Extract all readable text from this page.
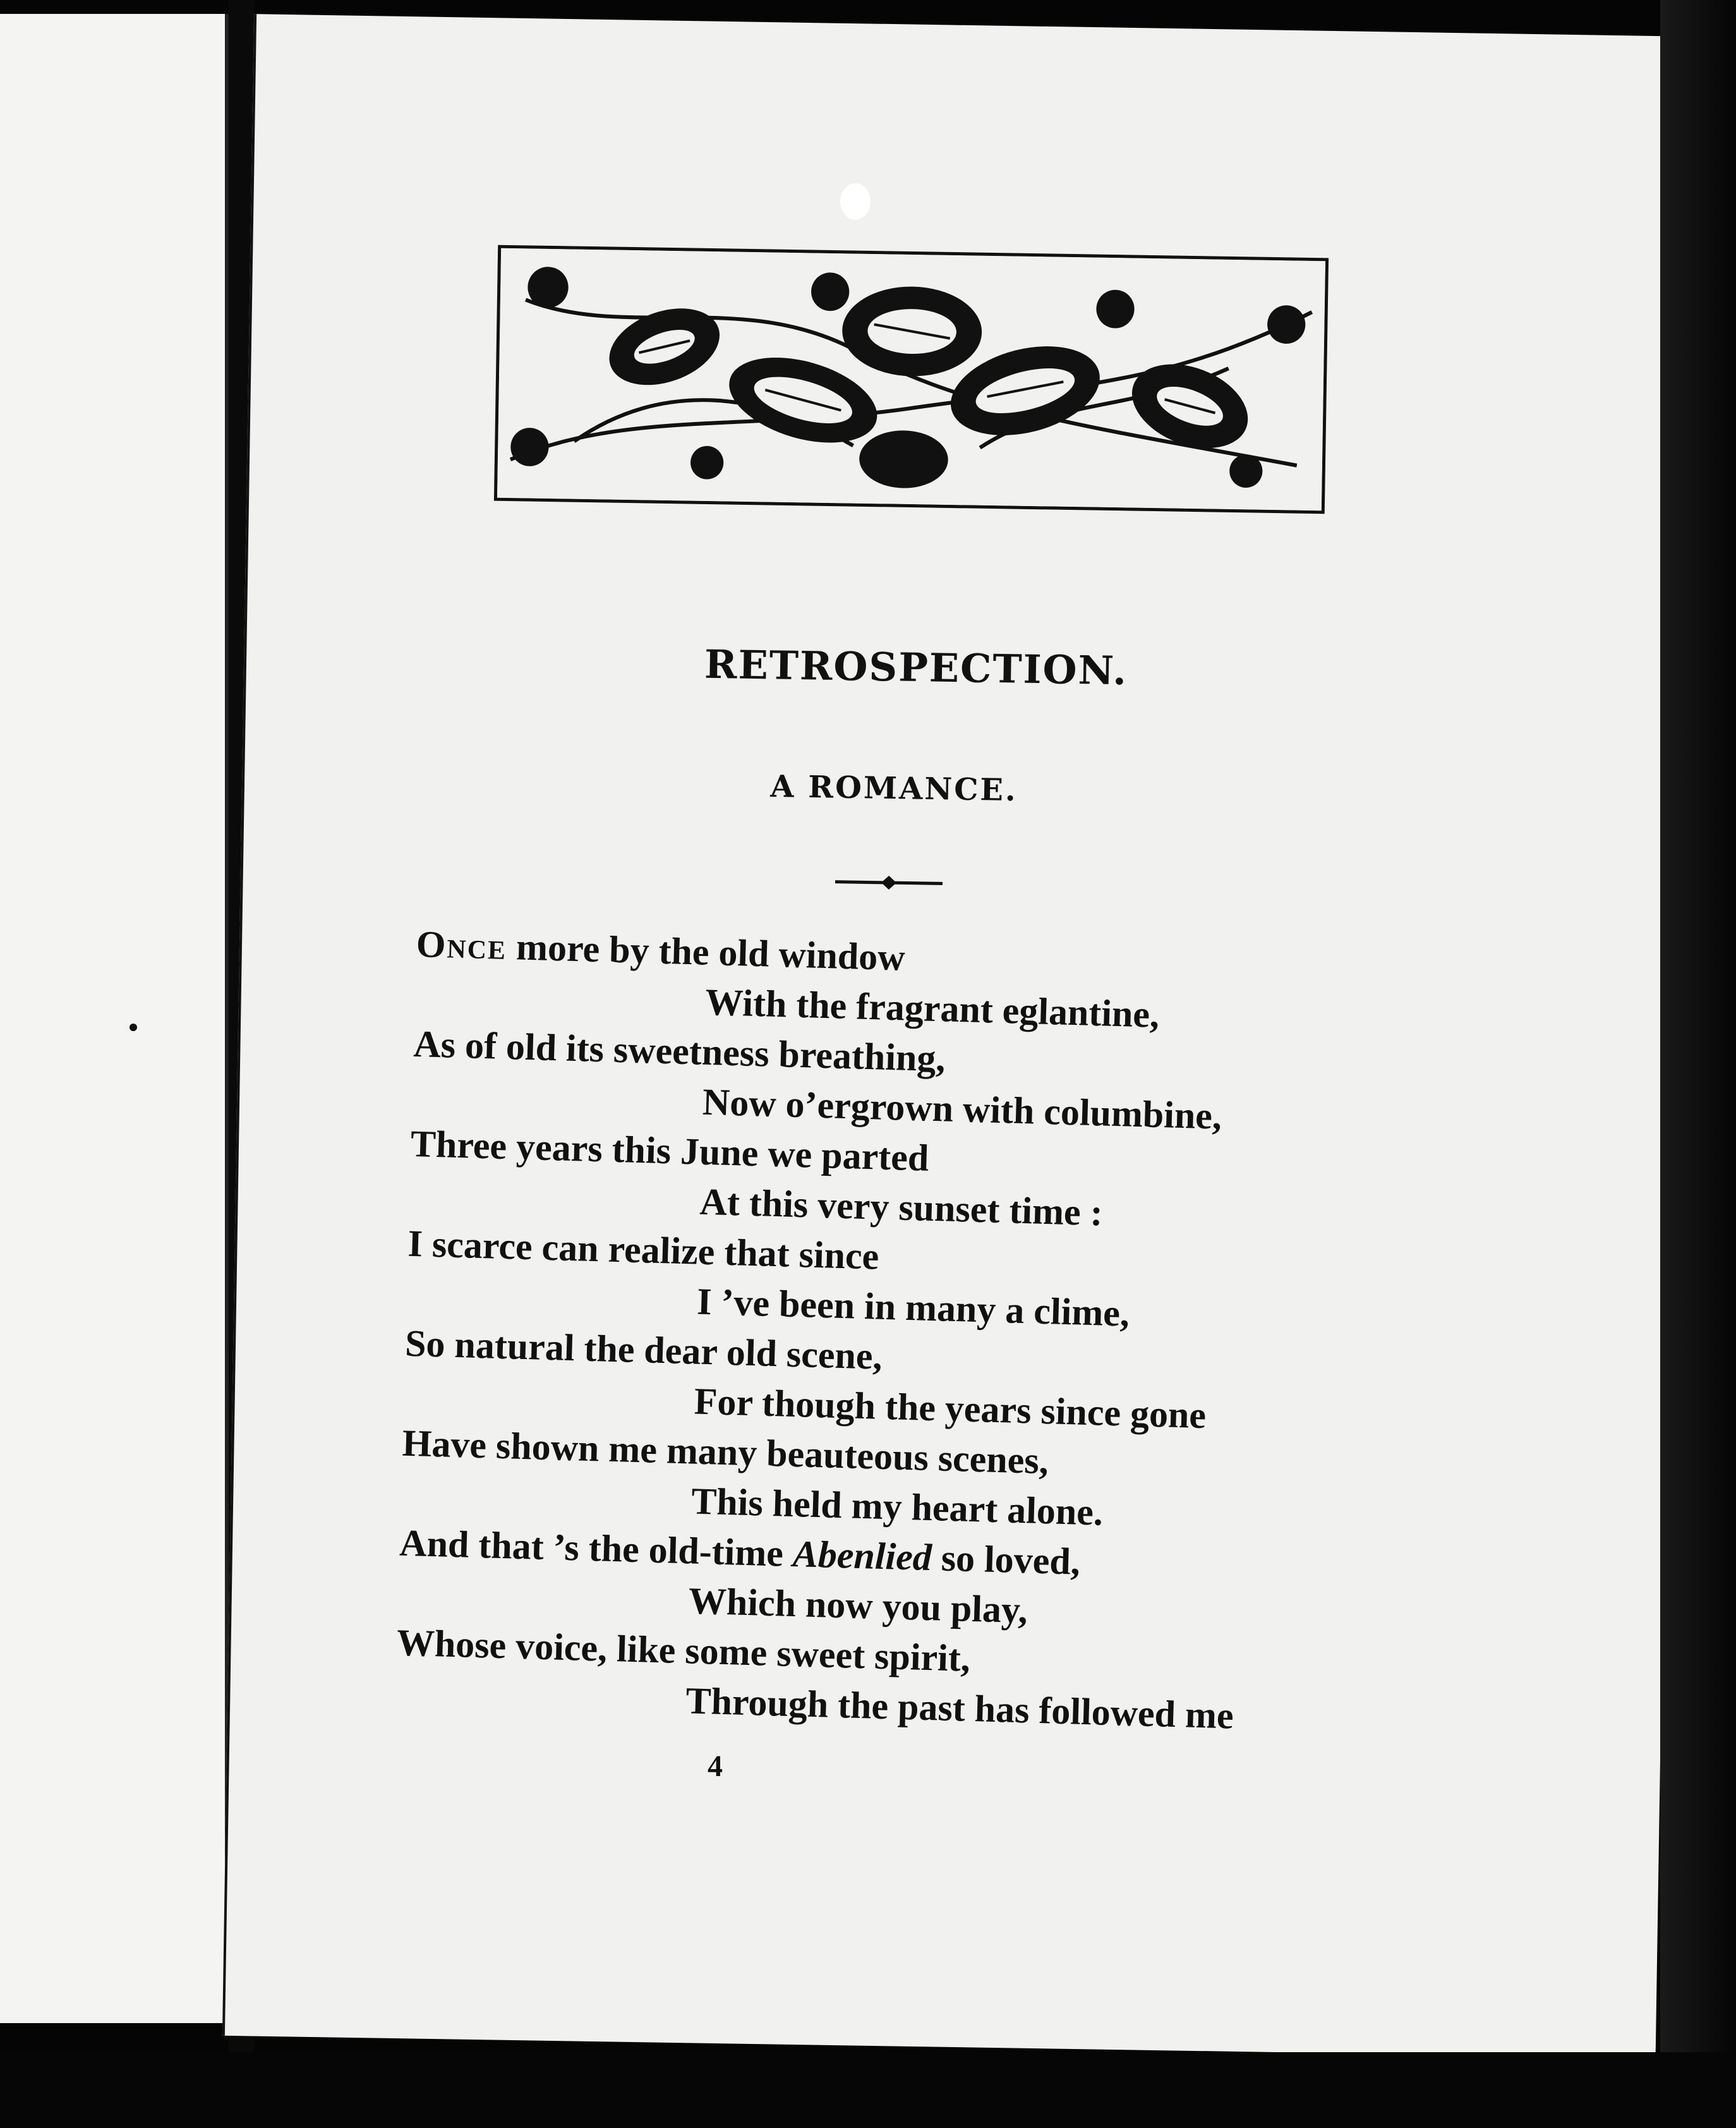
RETROSPECTION.
A ROMANCE.
Once more by the old window
With the fragrant eglantine,
As of old its sweetness breathing,
Now o’ergrown with columbine,
Three years this June we parted
At this very sunset time :
I scarce can realize that since
I ’ve been in many a clime,
So natural the dear old scene,
For though the years since gone
Have shown me many beauteous scenes,
This held my heart alone.
And that ’s the old-time Abenlied so loved,
Which now you play,
Whose voice, like some sweet spirit,
Through the past has followed me
4
